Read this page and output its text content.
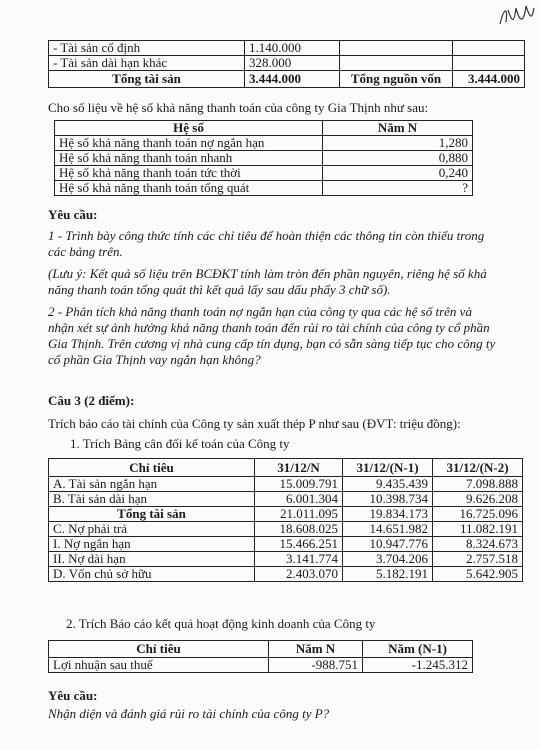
- Tài sản cố định	1.140.000		
- Tài sản dài hạn khác	328.000		
Tổng tài sản	3.444.000	Tổng nguồn vốn	3.444.000
Cho số liệu về hệ số khả năng thanh toán của công ty Gia Thịnh như sau:
Hệ số	Năm N
Hệ số khả năng thanh toán nợ ngắn hạn	1,280
Hệ số khả năng thanh toán nhanh	0,880
Hệ số khả năng thanh toán tức thời	0,240
Hệ số khả năng thanh toán tổng quát	?
Yêu cầu:
1 - Trình bày công thức tính các chỉ tiêu để hoàn thiện các thông tin còn thiếu trong
các bảng trên.
(Lưu ý: Kết quả số liệu trên BCĐKT tính làm tròn đến phần nguyên, riêng hệ số khả
năng thanh toán tổng quát thì kết quả lấy sau dấu phẩy 3 chữ số).
2 - Phân tích khả năng thanh toán nợ ngắn hạn của công ty qua các hệ số trên và
nhận xét sự ảnh hưởng khả năng thanh toán đến rủi ro tài chính của công ty cổ phần
Gia Thịnh. Trên cương vị nhà cung cấp tín dụng, bạn có sẵn sàng tiếp tục cho công ty
cổ phần Gia Thịnh vay ngắn hạn không?
Câu 3 (2 điểm):
Trích báo cáo tài chính của Công ty sản xuất thép P như sau (ĐVT: triệu đồng):
1. Trích Bảng cân đối kế toán của Công ty
Chỉ tiêu	31/12/N	31/12/(N-1)	31/12/(N-2)
A. Tài sản ngắn hạn	15.009.791	9.435.439	7.098.888
B. Tài sản dài hạn	6.001.304	10.398.734	9.626.208
Tổng tài sản	21.011.095	19.834.173	16.725.096
C. Nợ phải trả	18.608.025	14.651.982	11.082.191
I. Nợ ngắn hạn	15.466.251	10.947.776	8.324.673
II. Nợ dài hạn	3.141.774	3.704.206	2.757.518
D. Vốn chủ sở hữu	2.403.070	5.182.191	5.642.905
2. Trích Báo cáo kết quả hoạt động kinh doanh của Công ty
Chỉ tiêu	Năm N	Năm (N-1)
Lợi nhuận sau thuế	-988.751	-1.245.312
Yêu cầu:
Nhận diện và đánh giá rủi ro tài chính của công ty P?
